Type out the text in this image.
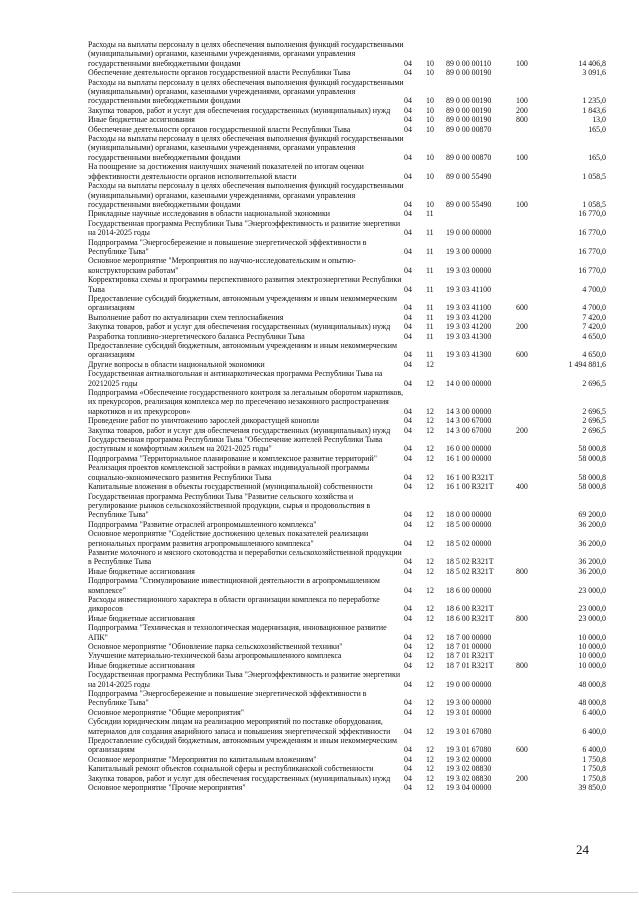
Расходы на выплаты персоналу в целях обеспечения выполнения функций государственными (муниципальными) органами, казенными учреждениями, органами управления государственными внебюджетными фондами	04	10	89 0 00 00110	100	14 406,8
Обеспечение деятельности органов государственной власти Республики Тыва	04	10	89 0 00 00190		3 091,6
Расходы на выплаты персоналу в целях обеспечения выполнения функций государственными (муниципальными) органами, казенными учреждениями, органами управления государственными внебюджетными фондами	04	10	89 0 00 00190	100	1 235,0
Закупка товаров, работ и услуг для обеспечения государственных (муниципальных) нужд	04	10	89 0 00 00190	200	1 843,6
Иные бюджетные ассигнования	04	10	89 0 00 00190	800	13,0
Обеспечение деятельности органов государственной власти Республики Тыва	04	10	89 0 00 00870		165,0
Расходы на выплаты персоналу в целях обеспечения выполнения функций государственными (муниципальными) органами, казенными учреждениями, органами управления государственными внебюджетными фондами	04	10	89 0 00 00870	100	165,0
На поощрение за достижения наилучших значений показателей по итогам оценки эффективности деятельности органов исполнительной власти	04	10	89 0 00 55490		1 058,5
Расходы на выплаты персоналу в целях обеспечения выполнения функций государственными (муниципальными) органами, казенными учреждениями, органами управления государственными внебюджетными фондами	04	10	89 0 00 55490	100	1 058,5
Прикладные научные исследования в области национальной экономики	04	11			16 770,0
Государственная программа Республики Тыва "Энергоэффективность и развитие энергетики на 2014-2025 годы	04	11	19 0 00 00000		16 770,0
Подпрограмма "Энергосбережение и повышение энергетической эффективности в Республике Тыва"	04	11	19 3 00 00000		16 770,0
Основное мероприятие "Мероприятия по научно-исследовательским и опытно-конструкторским работам"	04	11	19 3 03 00000		16 770,0
Корректировка схемы и программы перспективного развития электроэнергетики Республики Тыва	04	11	19 3 03 41100		4 700,0
Предоставление субсидий бюджетным, автономным учреждениям и иным некоммерческим организациям	04	11	19 3 03 41100	600	4 700,0
Выполнение работ по актуализации схем теплоснабжения	04	11	19 3 03 41200		7 420,0
Закупка товаров, работ и услуг для обеспечения государственных (муниципальных) нужд	04	11	19 3 03 41200	200	7 420,0
Разработка топливно-энергетического баланса Республики Тыва	04	11	19 3 03 41300		4 650,0
Предоставление субсидий бюджетным, автономным учреждениям и иным некоммерческим организациям	04	11	19 3 03 41300	600	4 650,0
Другие вопросы в области национальной экономики	04	12			1 494 881,6
Государственная антиалкогольная и антинаркотическая программа Республики Тыва на 20212025 годы	04	12	14 0 00 00000		2 696,5
Подпрограмма «Обеспечение государственного контроля за легальным оборотом наркотиков, их прекурсоров, реализация комплекса мер по пресечению незаконного распространения наркотиков и их прекурсоров»	04	12	14 3 00 00000		2 696,5
Проведение работ по уничтожению зарослей дикорастущей конопли	04	12	14 3 00 67000		2 696,5
Закупка товаров, работ и услуг для обеспечения государственных (муниципальных) нужд	04	12	14 3 00 67000	200	2 696,5
Государственная программа Республики Тыва "Обеспечение жителей Республики Тыва доступным и комфортным жильем на 2021-2025 годы"	04	12	16 0 00 00000		58 000,8
Подпрограмма "Территориальное планирование и комплексное развитие территорий"	04	12	16 1 00 00000		58 000,8
Реализация проектов комплексной застройки в рамках индивидуальной программы социально-экономического развития Республики Тыва	04	12	16 1 00 R321T		58 000,8
Капитальные вложения в объекты государственной (муниципальной) собственности	04	12	16 1 00 R321T	400	58 000,8
Государственная программа Республики Тыва "Развитие сельского хозяйства и регулирование рынков сельскохозяйственной продукции, сырья и продовольствия в Республике Тыва"	04	12	18 0 00 00000		69 200,0
Подпрограмма "Развитие отраслей агропромышленного комплекса"	04	12	18 5 00 00000		36 200,0
Основное мероприятие "Содействие достижению целевых показателей реализации региональных программ развития агропромышленного комплекса"	04	12	18 5 02 00000		36 200,0
Развитие молочного и мясного скотоводства и переработки сельскохозяйственной продукции в Республике Тыва	04	12	18 5 02 R321T		36 200,0
Иные бюджетные ассигнования	04	12	18 5 02 R321T	800	36 200,0
Подпрограмма "Стимулирование инвестиционной деятельности в агропромышленном комплексе"	04	12	18 6 00 00000		23 000,0
Расходы инвестиционного характера в области организации комплекса по переработке дикоросов	04	12	18 6 00 R321T		23 000,0
Иные бюджетные ассигнования	04	12	18 6 00 R321T	800	23 000,0
Подпрограмма "Техническая и технологическая модернизация, инновационное развитие АПК"	04	12	18 7 00 00000		10 000,0
Основное мероприятие "Обновление парка сельскохозяйственной техники"	04	12	18 7 01 00000		10 000,0
Улучшение материально-технической базы агропромышленного комплекса	04	12	18 7 01 R321T		10 000,0
Иные бюджетные ассигнования	04	12	18 7 01 R321T	800	10 000,0
Государственная программа Республики Тыва "Энергоэффективность и развитие энергетики на 2014-2025 годы	04	12	19 0 00 00000		48 000,8
Подпрограмма "Энергосбережение и повышение энергетической эффективности в Республике Тыва"	04	12	19 3 00 00000		48 000,8
Основное мероприятие "Общие мероприятия"	04	12	19 3 01 00000		6 400,0
Субсидии юридическим лицам на реализацию мероприятий по поставке оборудования, материалов для создания аварийного запаса и повышения энергетической эффективности	04	12	19 3 01 67080		6 400,0
Предоставление субсидий бюджетным, автономным учреждениям и иным некоммерческим организациям	04	12	19 3 01 67080	600	6 400,0
Основное мероприятие "Мероприятия по капитальным вложениям"	04	12	19 3 02 00000		1 750,8
Капитальный ремонт объектов социальной сферы и республиканской собственности	04	12	19 3 02 08830		1 750,8
Закупка товаров, работ и услуг для обеспечения государственных (муниципальных) нужд	04	12	19 3 02 08830	200	1 750,8
Основное мероприятие "Прочие мероприятия"	04	12	19 3 04 00000		39 850,0
24
